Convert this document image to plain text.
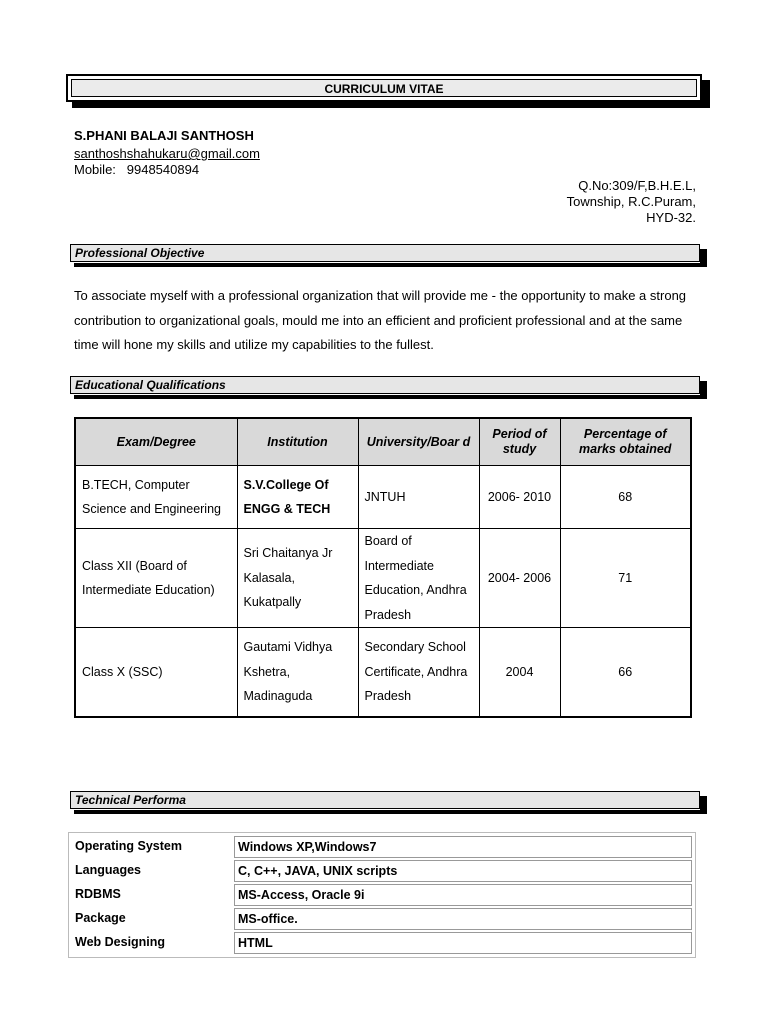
CURRICULUM VITAE
S.PHANI BALAJI SANTHOSH
santhoshshahukaru@gmail.com
Mobile: 9948540894
Q.No:309/F,B.H.E.L,
Township, R.C.Puram,
HYD-32.
Professional Objective
To associate myself with a professional organization that will provide me - the opportunity to make a strong contribution to organizational goals, mould me into an efficient and proficient professional and at the same time will hone my skills and utilize my capabilities to the fullest.
Educational Qualifications
Exam/Degree	Institution	University/Boar d	Period of study	Percentage of marks obtained
B.TECH, Computer Science and Engineering	S.V.College Of ENGG & TECH	JNTUH	2006- 2010	68
Class XII (Board of Intermediate Education)	Sri Chaitanya Jr Kalasala, Kukatpally	Board of Intermediate Education, Andhra Pradesh	2004- 2006	71
Class X (SSC)	Gautami Vidhya Kshetra, Madinaguda	Secondary School Certificate, Andhra Pradesh	2004	66
Technical Performa
Operating System	Windows XP,Windows7
Languages	C, C++, JAVA, UNIX scripts
RDBMS	MS-Access, Oracle 9i
Package	MS-office.
Web Designing	HTML
